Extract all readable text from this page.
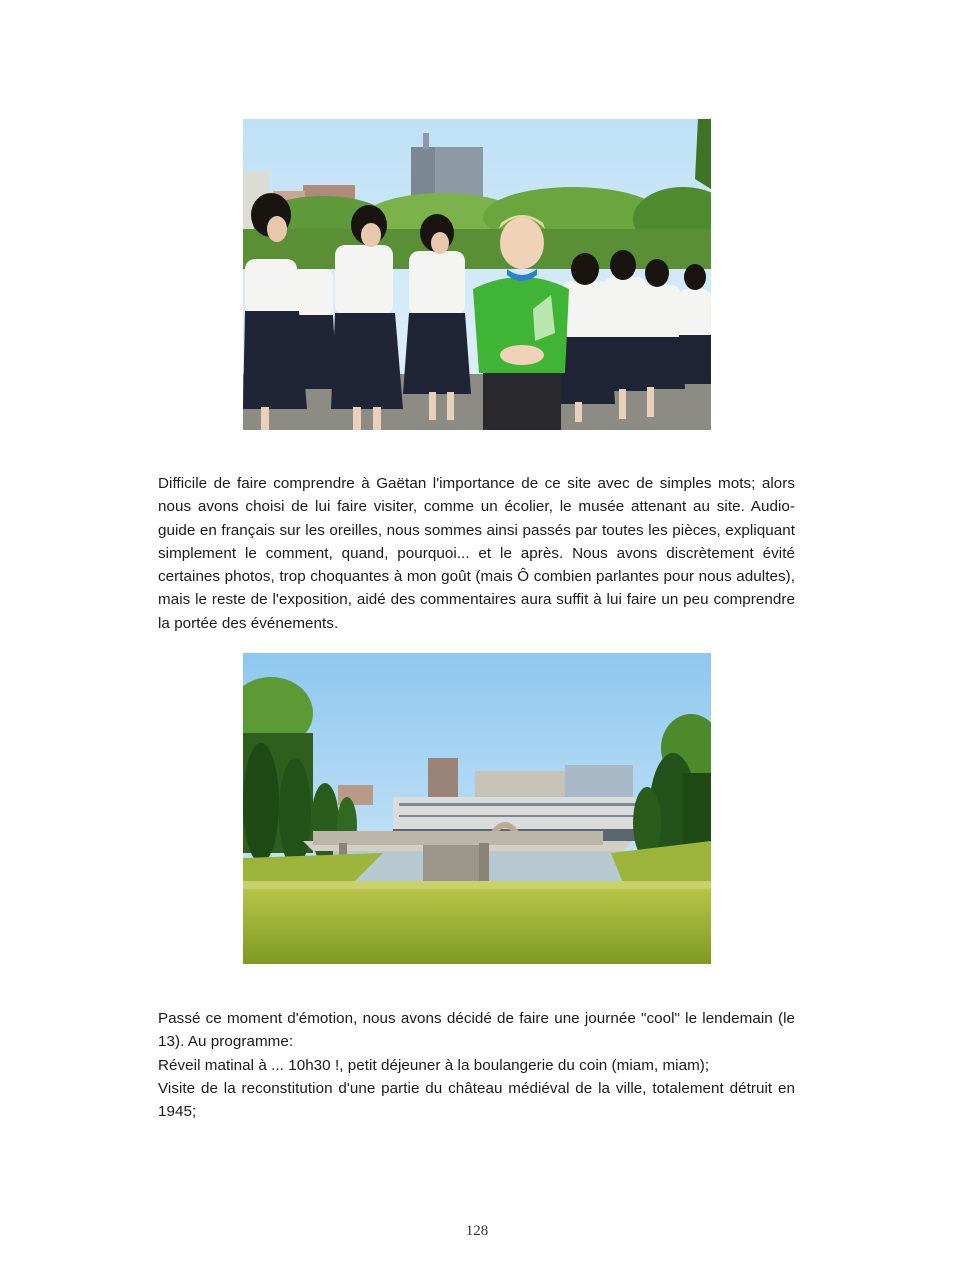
Difficile de faire comprendre à Gaëtan l'importance de ce site avec de simples mots; alors nous avons choisi de lui faire visiter, comme un écolier, le musée attenant au site. Audio-guide en français sur les oreilles, nous sommes ainsi passés par toutes les pièces, expliquant simplement le comment, quand, pourquoi... et le après. Nous avons discrètement évité certaines photos, trop choquantes à mon goût (mais Ô combien parlantes pour nous adultes), mais le reste de l'exposition, aidé des commentaires aura suffit à lui faire un peu comprendre la portée des événements.

Passé ce moment d'émotion, nous avons décidé de faire une journée "cool" le lendemain (le 13). Au programme:

Réveil matinal à ... 10h30 !, petit déjeuner à la boulangerie du coin (miam, miam);

Visite de la reconstitution d'une partie du château médiéval de la ville, totalement détruit en 1945;

128
